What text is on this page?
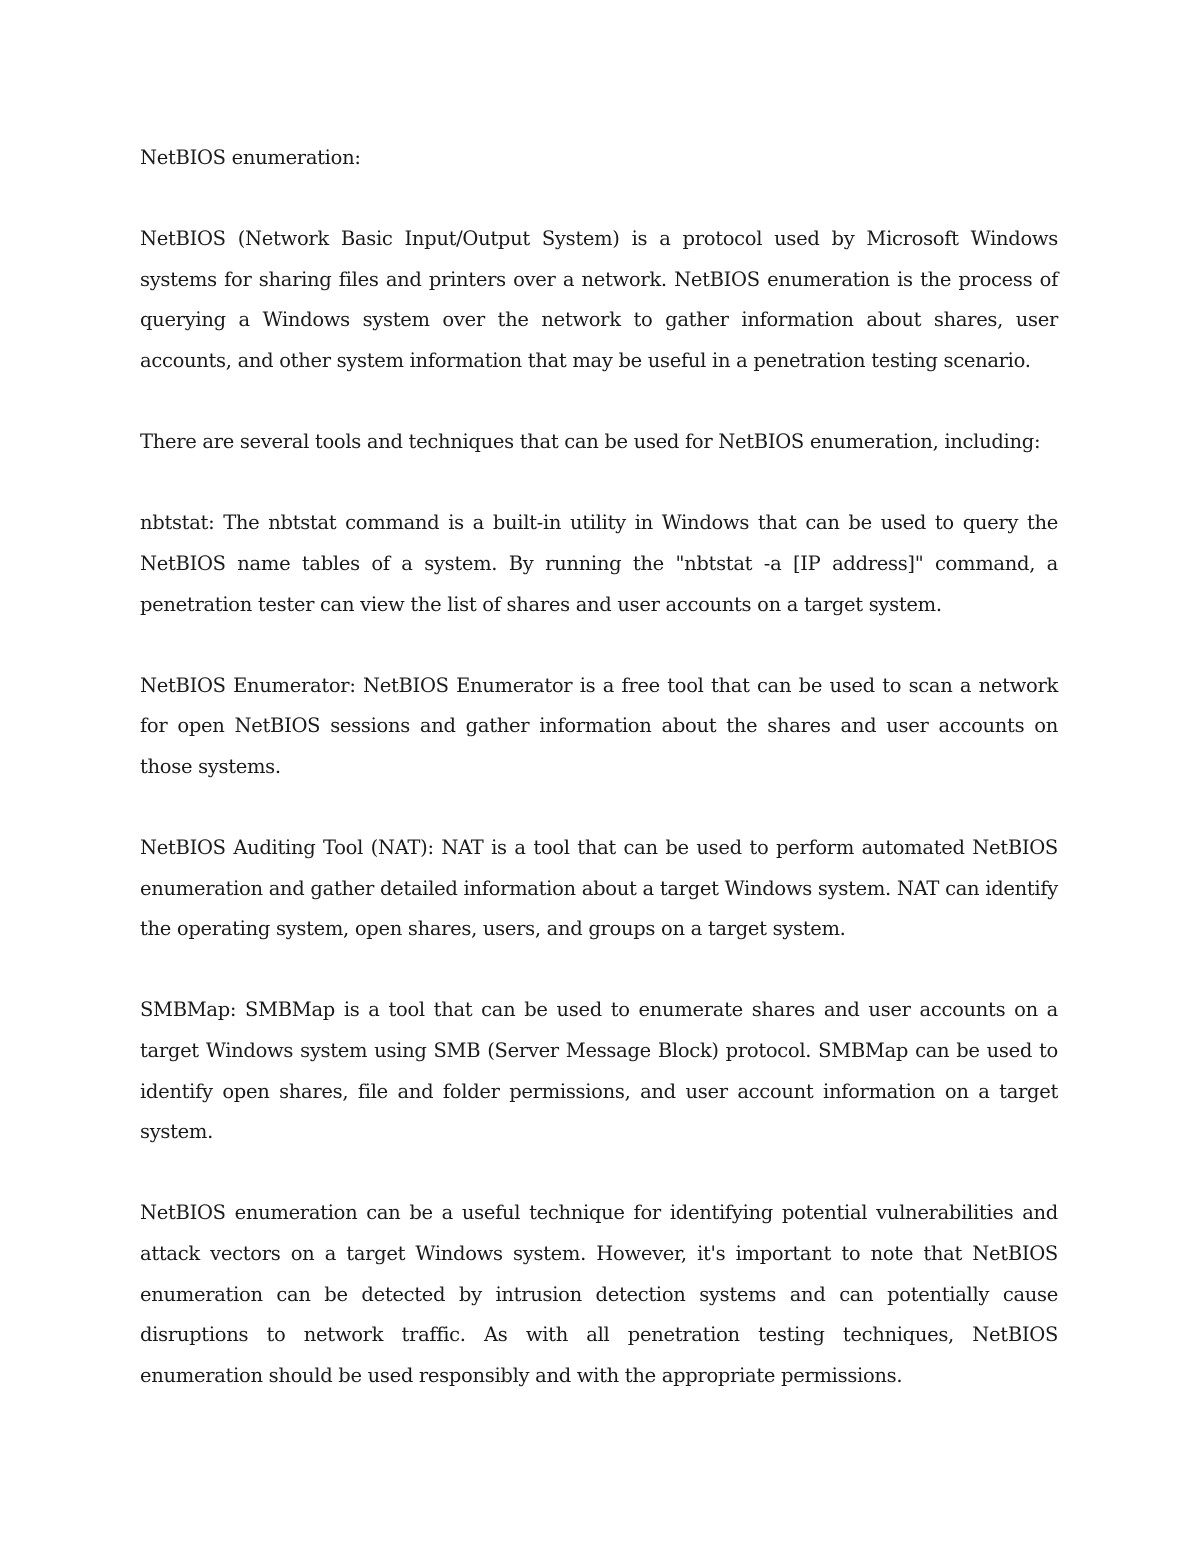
NetBIOS enumeration:

NetBIOS (Network Basic Input/Output System) is a protocol used by Microsoft Windows systems for sharing files and printers over a network. NetBIOS enumeration is the process of querying a Windows system over the network to gather information about shares, user accounts, and other system information that may be useful in a penetration testing scenario.

There are several tools and techniques that can be used for NetBIOS enumeration, including:

nbtstat: The nbtstat command is a built-in utility in Windows that can be used to query the NetBIOS name tables of a system. By running the "nbtstat -a [IP address]" command, a penetration tester can view the list of shares and user accounts on a target system.

NetBIOS Enumerator: NetBIOS Enumerator is a free tool that can be used to scan a network for open NetBIOS sessions and gather information about the shares and user accounts on those systems.

NetBIOS Auditing Tool (NAT): NAT is a tool that can be used to perform automated NetBIOS enumeration and gather detailed information about a target Windows system. NAT can identify the operating system, open shares, users, and groups on a target system.

SMBMap: SMBMap is a tool that can be used to enumerate shares and user accounts on a target Windows system using SMB (Server Message Block) protocol. SMBMap can be used to identify open shares, file and folder permissions, and user account information on a target system.

NetBIOS enumeration can be a useful technique for identifying potential vulnerabilities and attack vectors on a target Windows system. However, it's important to note that NetBIOS enumeration can be detected by intrusion detection systems and can potentially cause disruptions to network traffic. As with all penetration testing techniques, NetBIOS enumeration should be used responsibly and with the appropriate permissions.
